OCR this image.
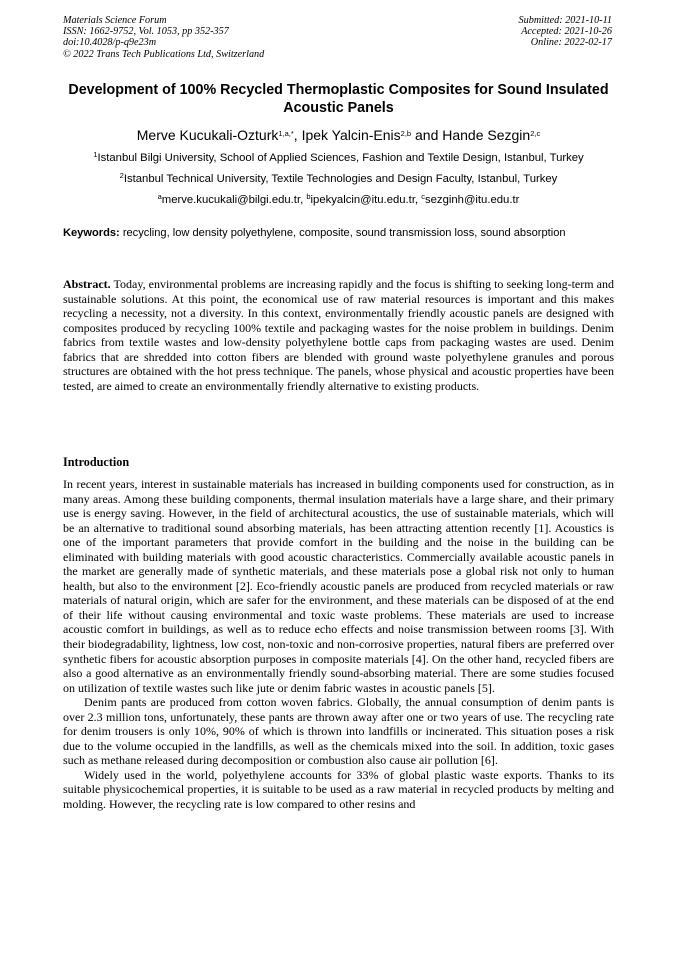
Materials Science Forum
ISSN: 1662-9752, Vol. 1053, pp 352-357
doi:10.4028/p-q9e23m
© 2022 Trans Tech Publications Ltd, Switzerland
Submitted: 2021-10-11
Accepted: 2021-10-26
Online: 2022-02-17
Development of 100% Recycled Thermoplastic Composites for Sound Insulated Acoustic Panels
Merve Kucukali-Ozturk$^{1,a,*}$, Ipek Yalcin-Enis$^{2,b}$ and Hande Sezgin$^{2,c}$
$^1$Istanbul Bilgi University, School of Applied Sciences, Fashion and Textile Design, Istanbul, Turkey
$^2$Istanbul Technical University, Textile Technologies and Design Faculty, Istanbul, Turkey
$^a$merve.kucukali@bilgi.edu.tr, $^b$ipekyalcin@itu.edu.tr, $^c$sezginh@itu.edu.tr
Keywords: recycling, low density polyethylene, composite, sound transmission loss, sound absorption
Abstract. Today, environmental problems are increasing rapidly and the focus is shifting to seeking long-term and sustainable solutions. At this point, the economical use of raw material resources is important and this makes recycling a necessity, not a diversity. In this context, environmentally friendly acoustic panels are designed with composites produced by recycling 100% textile and packaging wastes for the noise problem in buildings. Denim fabrics from textile wastes and low-density polyethylene bottle caps from packaging wastes are used. Denim fabrics that are shredded into cotton fibers are blended with ground waste polyethylene granules and porous structures are obtained with the hot press technique. The panels, whose physical and acoustic properties have been tested, are aimed to create an environmentally friendly alternative to existing products.
Introduction

In recent years, interest in sustainable materials has increased in building components used for construction, as in many areas. Among these building components, thermal insulation materials have a large share, and their primary use is energy saving. However, in the field of architectural acoustics, the use of sustainable materials, which will be an alternative to traditional sound absorbing materials, has been attracting attention recently [1]. Acoustics is one of the important parameters that provide comfort in the building and the noise in the building can be eliminated with building materials with good acoustic characteristics. Commercially available acoustic panels in the market are generally made of synthetic materials, and these materials pose a global risk not only to human health, but also to the environment [2]. Eco-friendly acoustic panels are produced from recycled materials or raw materials of natural origin, which are safer for the environment, and these materials can be disposed of at the end of their life without causing environmental and toxic waste problems. These materials are used to increase acoustic comfort in buildings, as well as to reduce echo effects and noise transmission between rooms [3]. With their biodegradability, lightness, low cost, non-toxic and non-corrosive properties, natural fibers are preferred over synthetic fibers for acoustic absorption purposes in composite materials [4]. On the other hand, recycled fibers are also a good alternative as an environmentally friendly sound-absorbing material. There are some studies focused on utilization of textile wastes such like jute or denim fabric wastes in acoustic panels [5].

Denim pants are produced from cotton woven fabrics. Globally, the annual consumption of denim pants is over 2.3 million tons, unfortunately, these pants are thrown away after one or two years of use. The recycling rate for denim trousers is only 10%, 90% of which is thrown into landfills or incinerated. This situation poses a risk due to the volume occupied in the landfills, as well as the chemicals mixed into the soil. In addition, toxic gases such as methane released during decomposition or combustion also cause air pollution [6].

Widely used in the world, polyethylene accounts for 33% of global plastic waste exports. Thanks to its suitable physicochemical properties, it is suitable to be used as a raw material in recycled products by melting and molding. However, the recycling rate is low compared to other resins and
